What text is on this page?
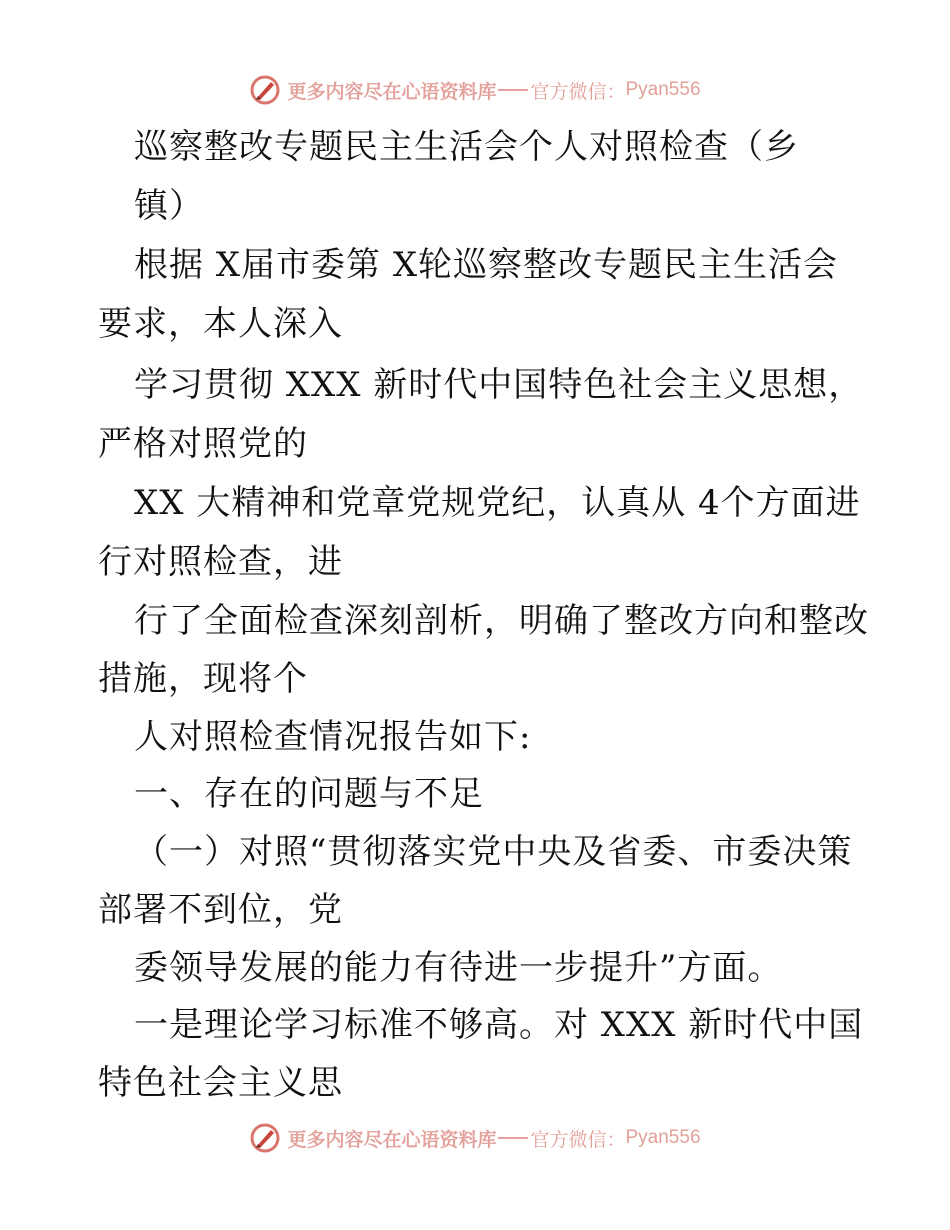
更多内容尽在心语资料库 官方微信： Pyan556
巡察整改专题民主生活会个人对照检查（乡
镇）
根据 X届市委第 X轮巡察整改专题民主生活会
要求，本人深入
学习贯彻 XXX 新时代中国特色社会主义思想，
严格对照党的
XX 大精神和党章党规党纪，认真从 4个方面进
行对照检查，进
行了全面检查深刻剖析，明确了整改方向和整改
措施，现将个
人对照检查情况报告如下:
一、存在的问题与不足
（一）对照“贯彻落实党中央及省委、市委决策
部署不到位，党
委领导发展的能力有待进一步提升”方面。
一是理论学习标准不够高。对 XXX 新时代中国
特色社会主义思
更多内容尽在心语资料库 官方微信： Pyan556
